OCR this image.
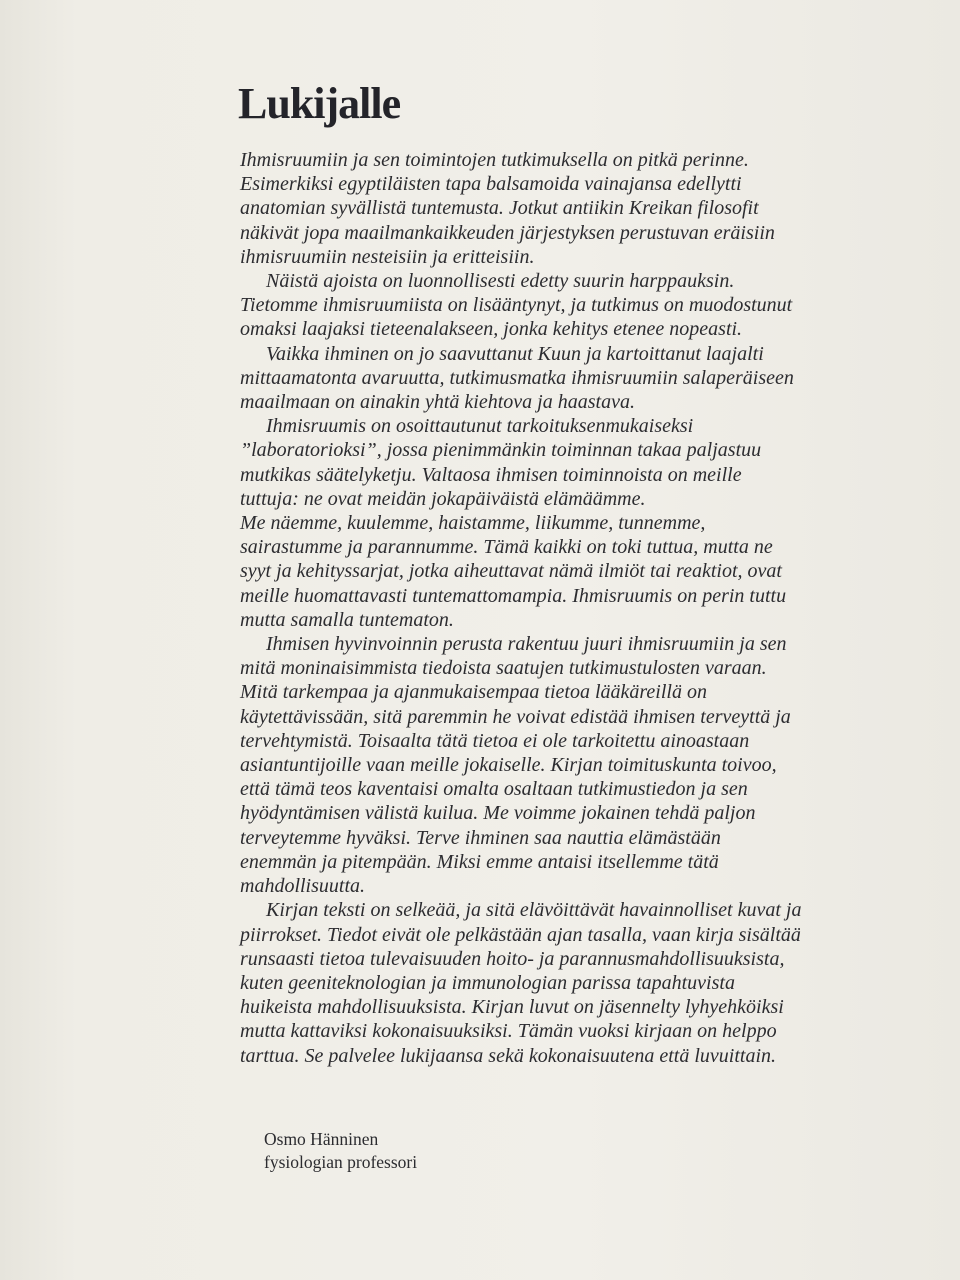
Lukijalle
Ihmisruumiin ja sen toimintojen tutkimuksella on pitkä perinne.
Esimerkiksi egyptiläisten tapa balsamoida vainajansa edellytti
anatomian syvällistä tuntemusta. Jotkut antiikin Kreikan filosofit
näkivät jopa maailmankaikkeuden järjestyksen perustuvan eräisiin
ihmisruumiin nesteisiin ja eritteisiin.
Näistä ajoista on luonnollisesti edetty suurin harppauksin.
Tietomme ihmisruumiista on lisääntynyt, ja tutkimus on muodostunut
omaksi laajaksi tieteenalakseen, jonka kehitys etenee nopeasti.
Vaikka ihminen on jo saavuttanut Kuun ja kartoittanut laajalti
mittaamatonta avaruutta, tutkimusmatka ihmisruumiin salaperäiseen
maailmaan on ainakin yhtä kiehtova ja haastava.
Ihmisruumis on osoittautunut tarkoituksenmukaiseksi
”laboratorioksi”, jossa pienimmänkin toiminnan takaa paljastuu
mutkikas säätelyketju. Valtaosa ihmisen toiminnoista on meille
tuttuja: ne ovat meidän jokapäiväistä elämäämme.
Me näemme, kuulemme, haistamme, liikumme, tunnemme,
sairastumme ja parannumme. Tämä kaikki on toki tuttua, mutta ne
syyt ja kehityssarjat, jotka aiheuttavat nämä ilmiöt tai reaktiot, ovat
meille huomattavasti tuntemattomampia. Ihmisruumis on perin tuttu
mutta samalla tuntematon.
Ihmisen hyvinvoinnin perusta rakentuu juuri ihmisruumiin ja sen
mitä moninaisimmista tiedoista saatujen tutkimustulosten varaan.
Mitä tarkempaa ja ajanmukaisempaa tietoa lääkäreillä on
käytettävissään, sitä paremmin he voivat edistää ihmisen terveyttä ja
tervehtymistä. Toisaalta tätä tietoa ei ole tarkoitettu ainoastaan
asiantuntijoille vaan meille jokaiselle. Kirjan toimituskunta toivoo,
että tämä teos kaventaisi omalta osaltaan tutkimustiedon ja sen
hyödyntämisen välistä kuilua. Me voimme jokainen tehdä paljon
terveytemme hyväksi. Terve ihminen saa nauttia elämästään
enemmän ja pitempään. Miksi emme antaisi itsellemme tätä
mahdollisuutta.
Kirjan teksti on selkeää, ja sitä elävöittävät havainnolliset kuvat ja
piirrokset. Tiedot eivät ole pelkästään ajan tasalla, vaan kirja sisältää
runsaasti tietoa tulevaisuuden hoito- ja parannusmahdollisuuksista,
kuten geeniteknologian ja immunologian parissa tapahtuvista
huikeista mahdollisuuksista. Kirjan luvut on jäsennelty lyhyehköiksi
mutta kattaviksi kokonaisuuksiksi. Tämän vuoksi kirjaan on helppo
tarttua. Se palvelee lukijaansa sekä kokonaisuutena että luvuittain.
Osmo Hänninen
fysiologian professori
